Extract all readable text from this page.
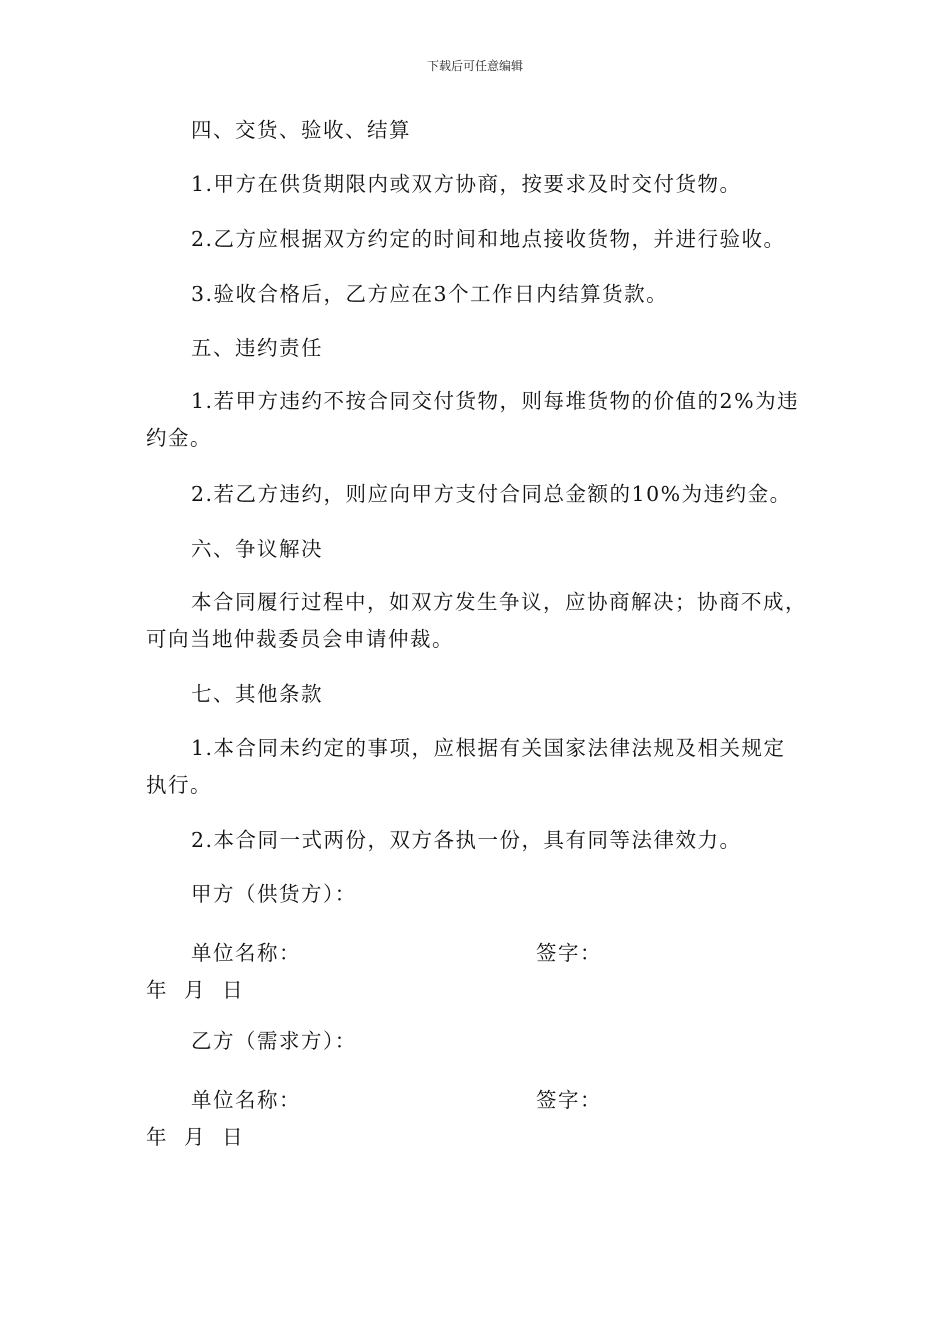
下载后可任意编辑
四、交货、验收、结算
1.甲方在供货期限内或双方协商，按要求及时交付货物。
2.乙方应根据双方约定的时间和地点接收货物，并进行验收。
3.验收合格后，乙方应在3个工作日内结算货款。
五、违约责任
1.若甲方违约不按合同交付货物，则每堆货物的价值的2%为违
约金。
2.若乙方违约，则应向甲方支付合同总金额的10%为违约金。
六、争议解决
本合同履行过程中，如双方发生争议，应协商解决；协商不成，
可向当地仲裁委员会申请仲裁。
七、其他条款
1.本合同未约定的事项，应根据有关国家法律法规及相关规定
执行。
2.本合同一式两份，双方各执一份，具有同等法律效力。
甲方（供货方）：
单位名称：	签字：
年  月  日
乙方（需求方）：
单位名称：	签字：
年  月  日
